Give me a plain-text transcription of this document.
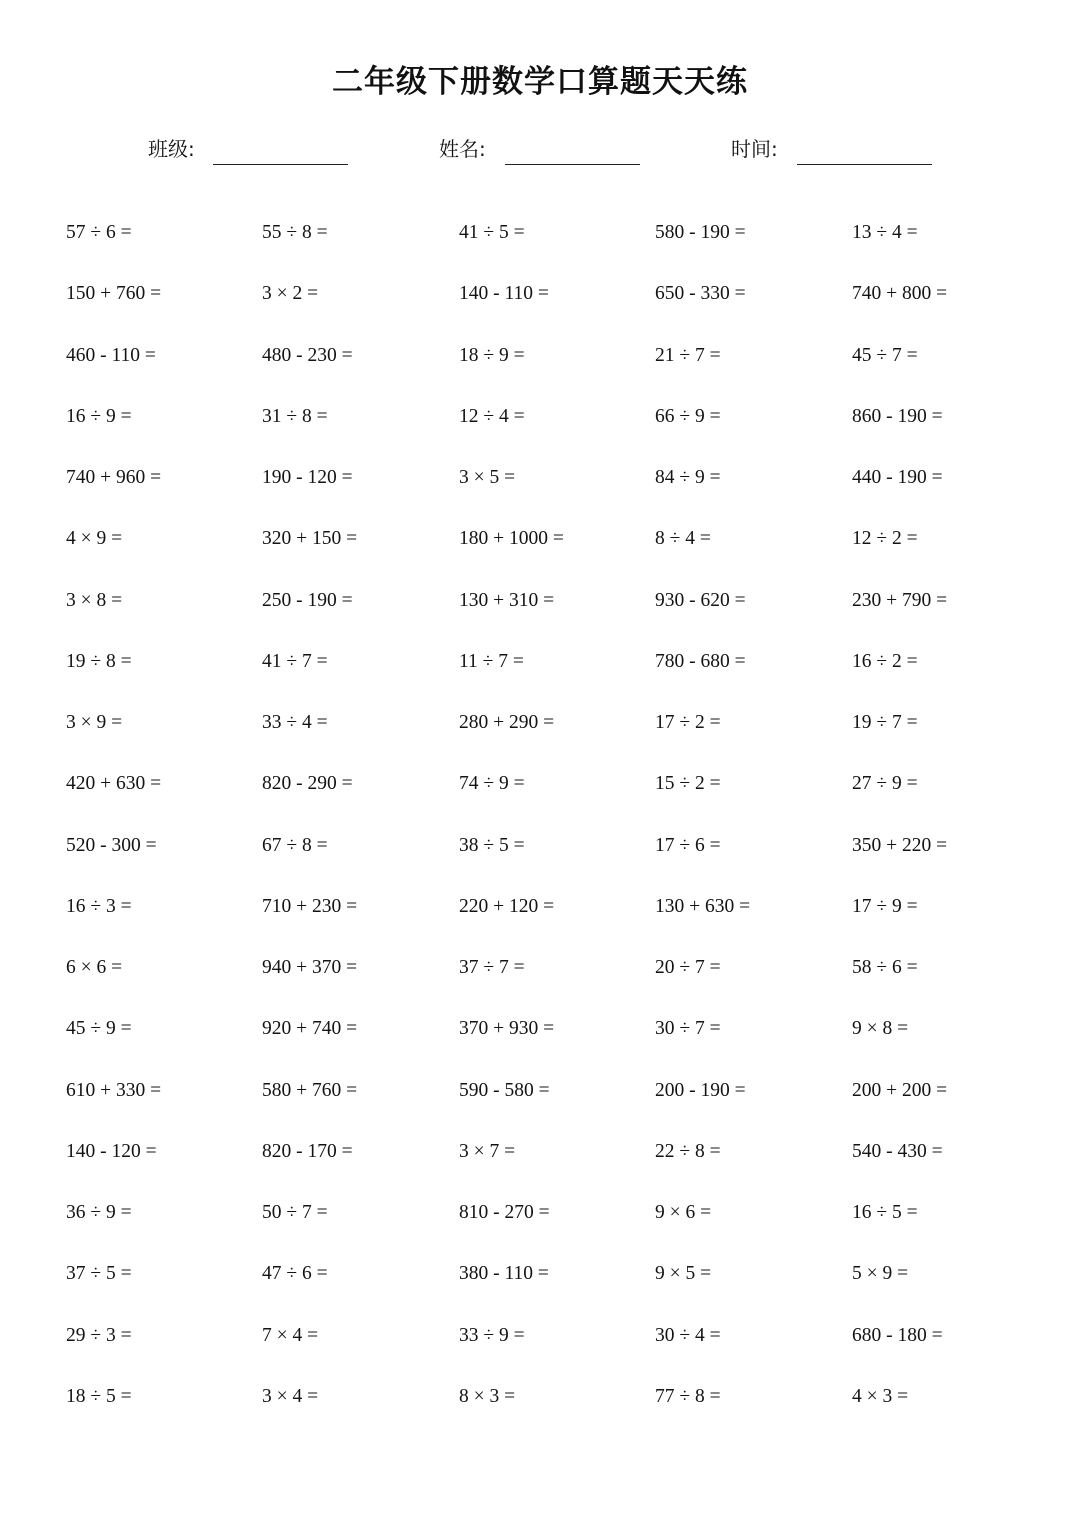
二年级下册数学口算题天天练
班级:	姓名:	时间:
57 ÷ 6 =	55 ÷ 8 =	41 ÷ 5 =	580 - 190 =	13 ÷ 4 =
150 + 760 =	3 × 2 =	140 - 110 =	650 - 330 =	740 + 800 =
460 - 110 =	480 - 230 =	18 ÷ 9 =	21 ÷ 7 =	45 ÷ 7 =
16 ÷ 9 =	31 ÷ 8 =	12 ÷ 4 =	66 ÷ 9 =	860 - 190 =
740 + 960 =	190 - 120 =	3 × 5 =	84 ÷ 9 =	440 - 190 =
4 × 9 =	320 + 150 =	180 + 1000 =	8 ÷ 4 =	12 ÷ 2 =
3 × 8 =	250 - 190 =	130 + 310 =	930 - 620 =	230 + 790 =
19 ÷ 8 =	41 ÷ 7 =	11 ÷ 7 =	780 - 680 =	16 ÷ 2 =
3 × 9 =	33 ÷ 4 =	280 + 290 =	17 ÷ 2 =	19 ÷ 7 =
420 + 630 =	820 - 290 =	74 ÷ 9 =	15 ÷ 2 =	27 ÷ 9 =
520 - 300 =	67 ÷ 8 =	38 ÷ 5 =	17 ÷ 6 =	350 + 220 =
16 ÷ 3 =	710 + 230 =	220 + 120 =	130 + 630 =	17 ÷ 9 =
6 × 6 =	940 + 370 =	37 ÷ 7 =	20 ÷ 7 =	58 ÷ 6 =
45 ÷ 9 =	920 + 740 =	370 + 930 =	30 ÷ 7 =	9 × 8 =
610 + 330 =	580 + 760 =	590 - 580 =	200 - 190 =	200 + 200 =
140 - 120 =	820 - 170 =	3 × 7 =	22 ÷ 8 =	540 - 430 =
36 ÷ 9 =	50 ÷ 7 =	810 - 270 =	9 × 6 =	16 ÷ 5 =
37 ÷ 5 =	47 ÷ 6 =	380 - 110 =	9 × 5 =	5 × 9 =
29 ÷ 3 =	7 × 4 =	33 ÷ 9 =	30 ÷ 4 =	680 - 180 =
18 ÷ 5 =	3 × 4 =	8 × 3 =	77 ÷ 8 =	4 × 3 =
